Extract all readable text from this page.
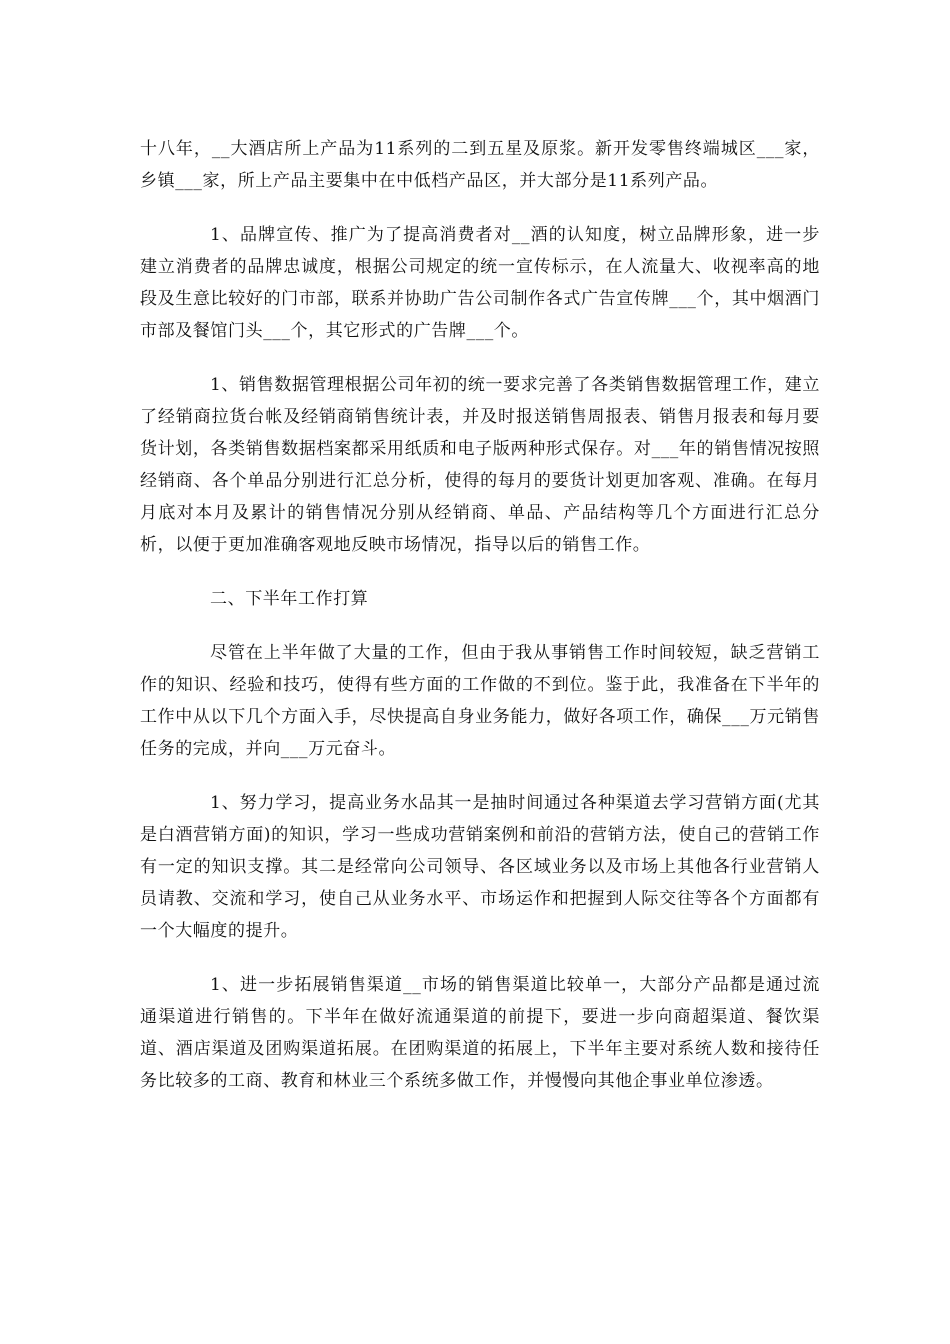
十八年，__大酒店所上产品为11系列的二到五星及原浆。新开发零售终端城区___家，乡镇___家，所上产品主要集中在中低档产品区，并大部分是11系列产品。

1、品牌宣传、推广为了提高消费者对__酒的认知度，树立品牌形象，进一步建立消费者的品牌忠诚度，根据公司规定的统一宣传标示，在人流量大、收视率高的地段及生意比较好的门市部，联系并协助广告公司制作各式广告宣传牌___个，其中烟酒门市部及餐馆门头___个，其它形式的广告牌___个。

1、销售数据管理根据公司年初的统一要求完善了各类销售数据管理工作，建立了经销商拉货台帐及经销商销售统计表，并及时报送销售周报表、销售月报表和每月要货计划，各类销售数据档案都采用纸质和电子版两种形式保存。对___年的销售情况按照经销商、各个单品分别进行汇总分析，使得的每月的要货计划更加客观、准确。在每月月底对本月及累计的销售情况分别从经销商、单品、产品结构等几个方面进行汇总分析，以便于更加准确客观地反映市场情况，指导以后的销售工作。

二、下半年工作打算

尽管在上半年做了大量的工作，但由于我从事销售工作时间较短，缺乏营销工作的知识、经验和技巧，使得有些方面的工作做的不到位。鉴于此，我准备在下半年的工作中从以下几个方面入手，尽快提高自身业务能力，做好各项工作，确保___万元销售任务的完成，并向___万元奋斗。

1、努力学习，提高业务水品其一是抽时间通过各种渠道去学习营销方面(尤其是白酒营销方面)的知识，学习一些成功营销案例和前沿的营销方法，使自己的营销工作有一定的知识支撑。其二是经常向公司领导、各区域业务以及市场上其他各行业营销人员请教、交流和学习，使自己从业务水平、市场运作和把握到人际交往等各个方面都有一个大幅度的提升。

1、进一步拓展销售渠道__市场的销售渠道比较单一，大部分产品都是通过流通渠道进行销售的。下半年在做好流通渠道的前提下，要进一步向商超渠道、餐饮渠道、酒店渠道及团购渠道拓展。在团购渠道的拓展上，下半年主要对系统人数和接待任务比较多的工商、教育和林业三个系统多做工作，并慢慢向其他企事业单位渗透。
